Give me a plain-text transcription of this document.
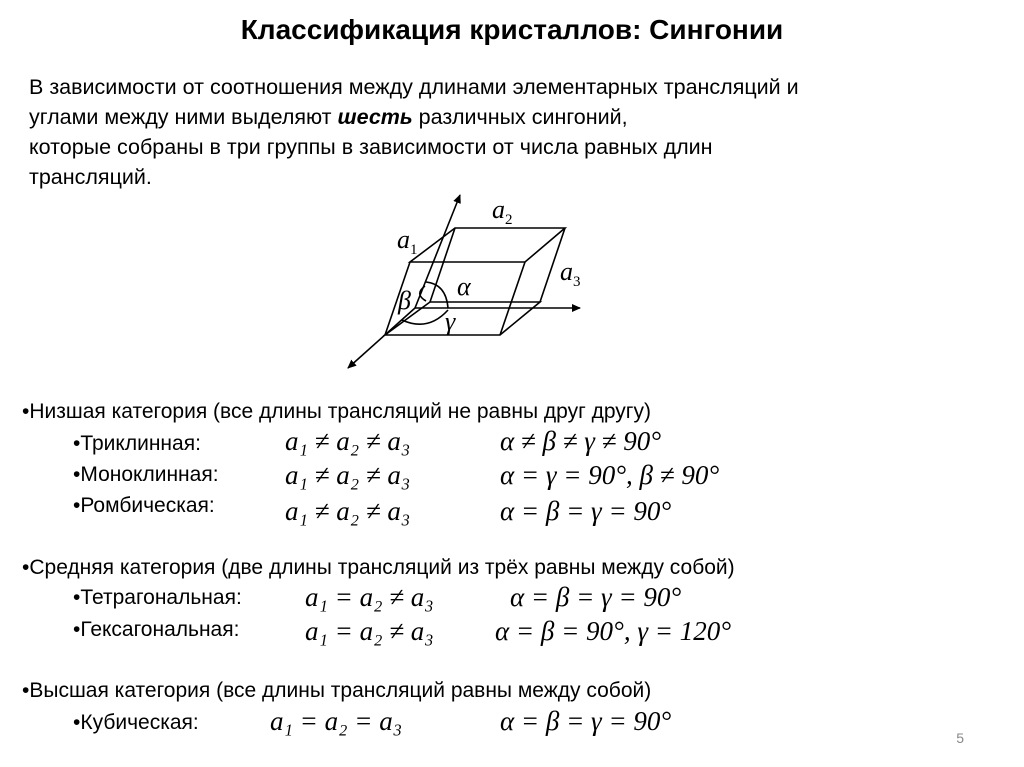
Классификация кристаллов: Сингонии

В зависимости от соотношения между длинами элементарных трансляций и

углами между ними выделяют шесть различных сингоний,

которые собраны в три группы в зависимости от числа равных длин

трансляций.

$a_1$
$a_2$
$a_3$
α
β
γ
•Низшая категория (все длины трансляций не равны друг другу)
•Триклинная:	a₁ ≠ a₂ ≠ a₃	α ≠ β ≠ γ ≠ 90°
•Моноклинная: a₁ ≠ a₂ ≠ a₃	α = γ = 90°, β ≠ 90°
•Ромбическая:	a₁ ≠ a₂ ≠ a₃	α = β = γ = 90°
•Средняя категория (две длины трансляций из трёх равны между собой)
•Тетрагональная: a₁ = a₂ ≠ a₃	α = β = γ = 90°
•Гексагональная: a₁ = a₂ ≠ a₃ α = β = 90°, γ = 120°
•Высшая категория (все длины трансляций равны между собой)
•Кубическая:	a₁ = a₂ = a₃	α = β = γ = 90°
5
